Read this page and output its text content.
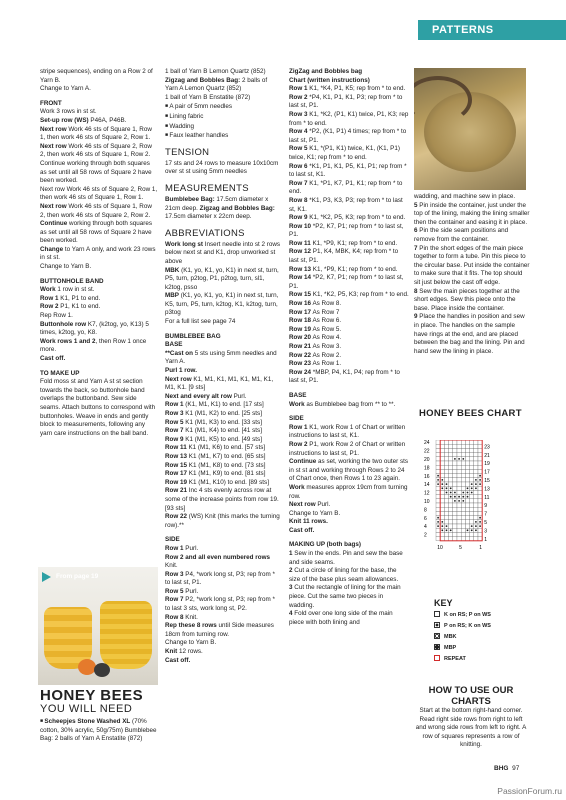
PATTERNS

stripe sequences), ending on a Row 2 of Yarn B.

Change to Yarn A.

FRONT

Work 3 rows in st st.

Set-up row (WS) P46A, P46B.

Next row Work 46 sts of Square 1, Row 1, then work 46 sts of Square 2, Row 1.

Next row Work 46 sts of Square 2, Row 2, then work 46 sts of Square 1, Row 2.

Continue working through both squares as set until all 58 rows of Square 2 have been worked.

Next row Work 46 sts of Square 2, Row 1, then work 46 sts of Square 1, Row 1.

Next row Work 46 sts of Square 1, Row 2, then work 46 sts of Square 2, Row 2.

Continue working through both squares as set until all 58 rows of Square 2 have been worked.

Change to Yarn A only, and work 23 rows in st st.

Change to Yarn B.

BUTTONHOLE BAND

Work 1 row in st st.

Row 1 K1, P1 to end.

Row 2 P1, K1 to end.

Rep Row 1.

Buttonhole row K7, (k2tog, yo, K13) 5 times, k2tog, yo, K8.

Work rows 1 and 2, then Row 1 once more.

Cast off.

TO MAKE UP

Fold moss st and Yarn A st st section towards the back, so buttonhole band overlaps the buttonband. Sew side seams. Attach buttons to correspond with buttonholes. Weave in ends and gently block to measurements, following any yarn care instructions on the ball band.

From page 19
HONEY BEES
YOU WILL NEED

■ Scheepjes Stone Washed XL (70% cotton, 30% acrylic, 50g/75m) Bumblebee Bag: 2 balls of Yarn A Enstatite (872)

1 ball of Yarn B Lemon Quartz (852)

Zigzag and Bobbles Bag: 2 balls of Yarn A Lemon Quartz (852)

1 ball of Yarn B Enstatite (872)

■ A pair of 5mm needles

■ Lining fabric

■ Wadding

■ Faux leather handles

TENSION

17 sts and 24 rows to measure 10x10cm over st st using 5mm needles

MEASUREMENTS

Bumblebee Bag: 17.5cm diameter x 21cm deep. Zigzag and Bobbles Bag: 17.5cm diameter x 22cm deep.

ABBREVIATIONS

Work long st Insert needle into st 2 rows below next st and K1, drop unworked st above

MBK (K1, yo, K1, yo, K1) in next st, turn, P5, turn, p2tog, P1, p2tog, turn, sl1, k2tog, psso

MBP (K1, yo, K1, yo, K1) in next st, turn, K5, turn, P5, turn, k2tog, K1, k2tog, turn, p3tog

For a full list see page 74

BUMBLEBEE BAG

BASE

**Cast on 5 sts using 5mm needles and Yarn A.

Purl 1 row.

Next row K1, M1, K1, M1, K1, M1, K1, M1, K1. [9 sts]

Next and every alt row Purl.

Row 1 (K1, M1, K1) to end. [17 sts]

Row 3 K1 (M1, K2) to end. [25 sts]

Row 5 K1 (M1, K3) to end. [33 sts]

Row 7 K1 (M1, K4) to end. [41 sts]

Row 9 K1 (M1, K5) to end. [49 sts]

Row 11 K1 (M1, K6) to end. [57 sts]

Row 13 K1 (M1, K7) to end. [65 sts]

Row 15 K1 (M1, K8) to end. [73 sts]

Row 17 K1 (M1, K9) to end. [81 sts]

Row 19 K1 (M1, K10) to end. [89 sts]

Row 21 Inc 4 sts evenly across row at some of the increase points from row 19. [93 sts]

Row 22 (WS) Knit (this marks the turning row).**

SIDE

Row 1 Purl.

Row 2 and all even numbered rows Knit.

Row 3 P4, *work long st, P3; rep from * to last st, P1.

Row 5 Purl.

Row 7 P2, *work long st, P3; rep from * to last 3 sts, work long st, P2.

Row 8 Knit.

Rep these 8 rows until Side measures 18cm from turning row.

Change to Yarn B.

Knit 12 rows.

Cast off.

ZigZag and Bobbles bag

Chart (written instructions)

Row 1 K1, *K4, P1, K5; rep from * to end.

Row 2 *P4, K1, P1, K1, P3; rep from * to last st, P1.

Row 3 K1, *K2, (P1, K1) twice, P1, K3; rep from * to end.

Row 4 *P2, (K1, P1) 4 times; rep from * to last st, P1.

Row 5 K1, *(P1, K1) twice, K1, (K1, P1) twice, K1; rep from * to end.

Row 6 *K1, P1, K1, P5, K1, P1; rep from * to last st, K1.

Row 7 K1, *P1, K7, P1, K1; rep from * to end.

Row 8 *K1, P3, K3, P3; rep from * to last st, K1.

Row 9 K1, *K2, P5, K3; rep from * to end.

Row 10 *P2, K7, P1; rep from * to last st, P1.

Row 11 K1, *P9, K1; rep from * to end.

Row 12 P1, K4, MBK, K4; rep from * to last st, P1.

Row 13 K1, *P9, K1; rep from * to end.

Row 14 *P2, K7, P1; rep from * to last st, P1.

Row 15 K1, *K2, P5, K3; rep from * to end.

Row 16 As Row 8.

Row 17 As Row 7

Row 18 As Row 6.

Row 19 As Row 5.

Row 20 As Row 4.

Row 21 As Row 3.

Row 22 As Row 2.

Row 23 As Row 1.

Row 24 *MBP, P4, K1, P4; rep from * to last st, P1.

BASE

Work as Bumblebee bag from ** to **.

SIDE

Row 1 K1, work Row 1 of Chart or written instructions to last st, K1.

Row 2 P1, work Row 2 of Chart or written instructions to last st, P1.

Continue as set, working the two outer sts in st st and working through Rows 2 to 24 of Chart once, then Rows 1 to 23 again.

Work measures approx 19cm from turning row.

Next row Purl.

Change to Yarn B.

Knit 11 rows.

Cast off.

MAKING UP (both bags)

1 Sew in the ends. Pin and sew the base and side seams.

2 Cut a circle of lining for the base, the size of the base plus seam allowances.

3 Cut the rectangle of lining for the main piece. Cut the same two pieces in wadding.

4 Fold over one long side of the main piece with both lining and

wadding, and machine sew in place.

5 Pin inside the container, just under the top of the lining, making the lining smaller then the container and easing it in place.

6 Pin the side seam positions and remove from the container.

7 Pin the short edges of the main piece together to form a tube. Pin this piece to the circular base. Put inside the container to make sure that it fits. The top should sit just below the cast off edge.

8 Sew the main pieces together at the short edges. Sew this piece onto the base. Place inside the container.

9 Place the handles in position and sew in place. The handles on the sample have rings at the end, and are placed between the bag and the lining. Pin and hand sew the lining in place.

HONEY BEES CHART
24
22
20
18
16
14
12
10
8
6
4
2
23
21
19
17
15
13
11
9
7
5
3
1
10	5	1
KEY
K on RS; P on WS
P on RS; K on WS
MBK
MBP
REPEAT
HOW TO USE OUR CHARTS
Start at the bottom right-hand corner. Read right side rows from right to left and wrong side rows from left to right. A row of squares represents a row of knitting.
BHG 97
PassionForum.ru
